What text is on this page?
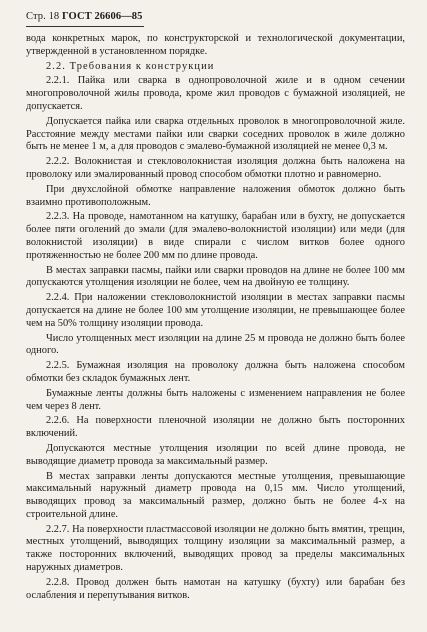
Стр. 18 ГОСТ 26606—85

вода конкретных марок, по конструкторской и технологической документации, утвержденной в установленном порядке.

2.2. Требования к конструкции

2.2.1. Пайка или сварка в однопроволочной жиле и в одном сечении многопроволочной жилы провода, кроме жил проводов с бумажной изоляцией, не допускается.

Допускается пайка или сварка отдельных проволок в многопроволочной жиле. Расстояние между местами пайки или сварки соседних проволок в жиле должно быть не менее 1 м, а для проводов с эмалево-бумажной изоляцией не менее 0,3 м.

2.2.2. Волокнистая и стекловолокнистая изоляция должна быть наложена на проволоку или эмалированный провод способом обмотки плотно и равномерно.

При двухслойной обмотке направление наложения обмоток должно быть взаимно противоположным.

2.2.3. На проводе, намотанном на катушку, барабан или в бухту, не допускается более пяти оголений до эмали (для эмалево-волокнистой изоляции) или меди (для волокнистой изоляции) в виде спирали с числом витков более одного протяженностью не более 200 мм по длине провода.

В местах заправки пасмы, пайки или сварки проводов на длине не более 100 мм допускаются утолщения изоляции не более, чем на двойную ее толщину.

2.2.4. При наложении стекловолокнистой изоляции в местах заправки пасмы допускается на длине не более 100 мм утолщение изоляции, не превышающее более чем на 50% толщину изоляции провода.

Число утолщенных мест изоляции на длине 25 м провода не должно быть более одного.

2.2.5. Бумажная изоляция на проволоку должна быть наложена способом обмотки без складок бумажных лент.

Бумажные ленты должны быть наложены с изменением направления не более чем через 8 лент.

2.2.6. На поверхности пленочной изоляции не должно быть посторонних включений.

Допускаются местные утолщения изоляции по всей длине провода, не выводящие диаметр провода за максимальный размер.

В местах заправки ленты допускаются местные утолщения, превышающие максимальный наружный диаметр провода на 0,15 мм. Число утолщений, выводящих провод за максимальный размер, должно быть не более 4-х на строительной длине.

2.2.7. На поверхности пластмассовой изоляции не должно быть вмятин, трещин, местных утолщений, выводящих толщину изоляции за максимальный размер, а также посторонних включений, выводящих провод за пределы максимальных наружных диаметров.

2.2.8. Провод должен быть намотан на катушку (бухту) или барабан без ослабления и перепутывания витков.
